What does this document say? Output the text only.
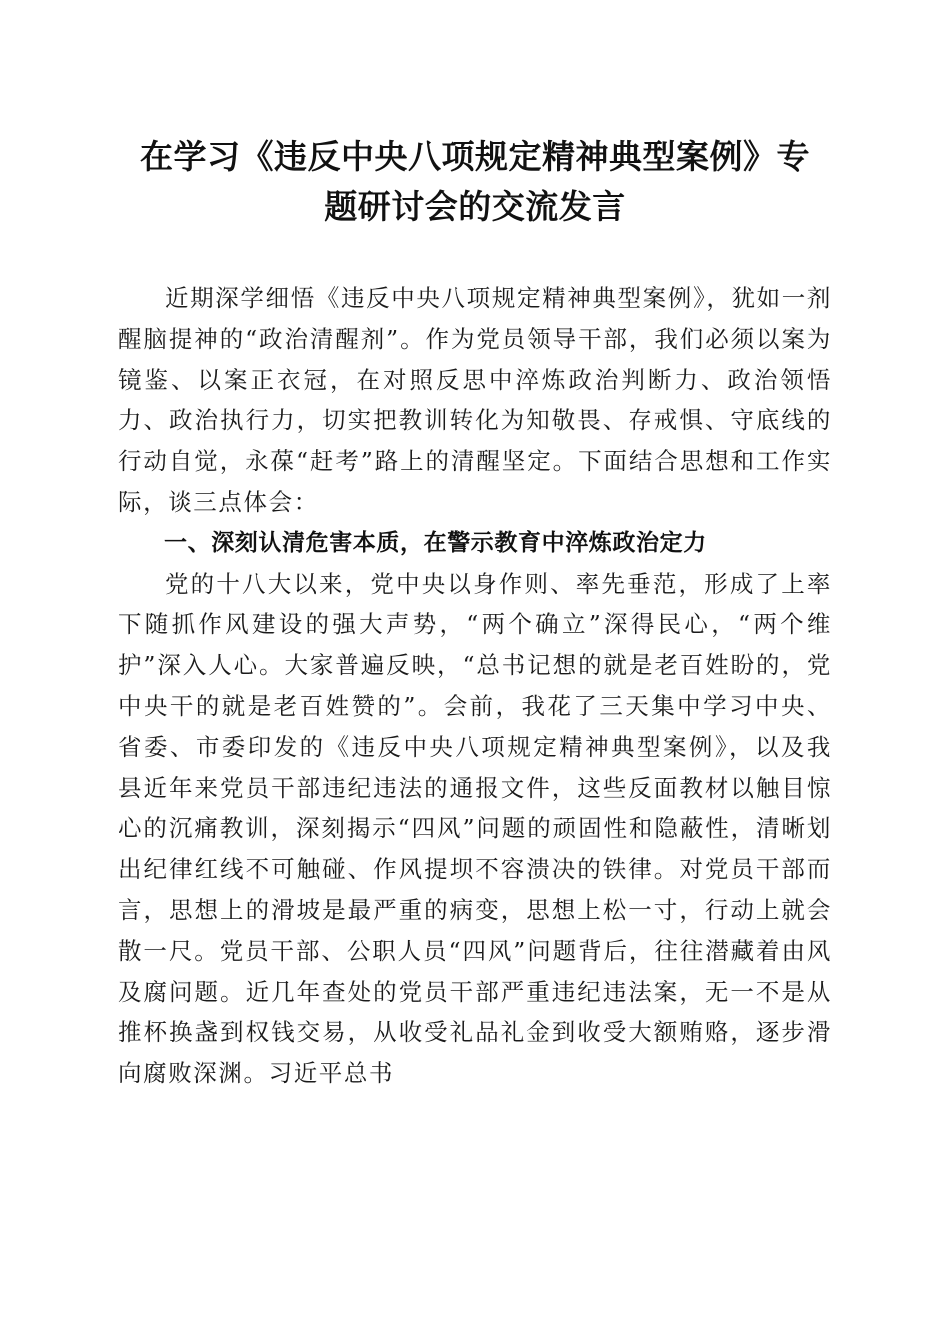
在学习《违反中央八项规定精神典型案例》专
题研讨会的交流发言

近期深学细悟《违反中央八项规定精神典型案例》，犹如一剂醒脑提神的“政治清醒剂”。作为党员领导干部，我们必须以案为镜鉴、以案正衣冠，在对照反思中淬炼政治判断力、政治领悟力、政治执行力，切实把教训转化为知敬畏、存戒惧、守底线的行动自觉，永葆“赶考”路上的清醒坚定。下面结合思想和工作实际，谈三点体会：

一、深刻认清危害本质，在警示教育中淬炼政治定力

党的十八大以来，党中央以身作则、率先垂范，形成了上率下随抓作风建设的强大声势，“两个确立”深得民心，“两个维护”深入人心。大家普遍反映，“总书记想的就是老百姓盼的，党中央干的就是老百姓赞的”。会前，我花了三天集中学习中央、省委、市委印发的《违反中央八项规定精神典型案例》，以及我县近年来党员干部违纪违法的通报文件，这些反面教材以触目惊心的沉痛教训，深刻揭示“四风”问题的顽固性和隐蔽性，清晰划出纪律红线不可触碰、作风提坝不容溃决的铁律。对党员干部而言，思想上的滑坡是最严重的病变，思想上松一寸，行动上就会散一尺。党员干部、公职人员“四风”问题背后，往往潜藏着由风及腐问题。近几年查处的党员干部严重违纪违法案，无一不是从推杯换盏到权钱交易，从收受礼品礼金到收受大额贿赂，逐步滑向腐败深渊。习近平总书
